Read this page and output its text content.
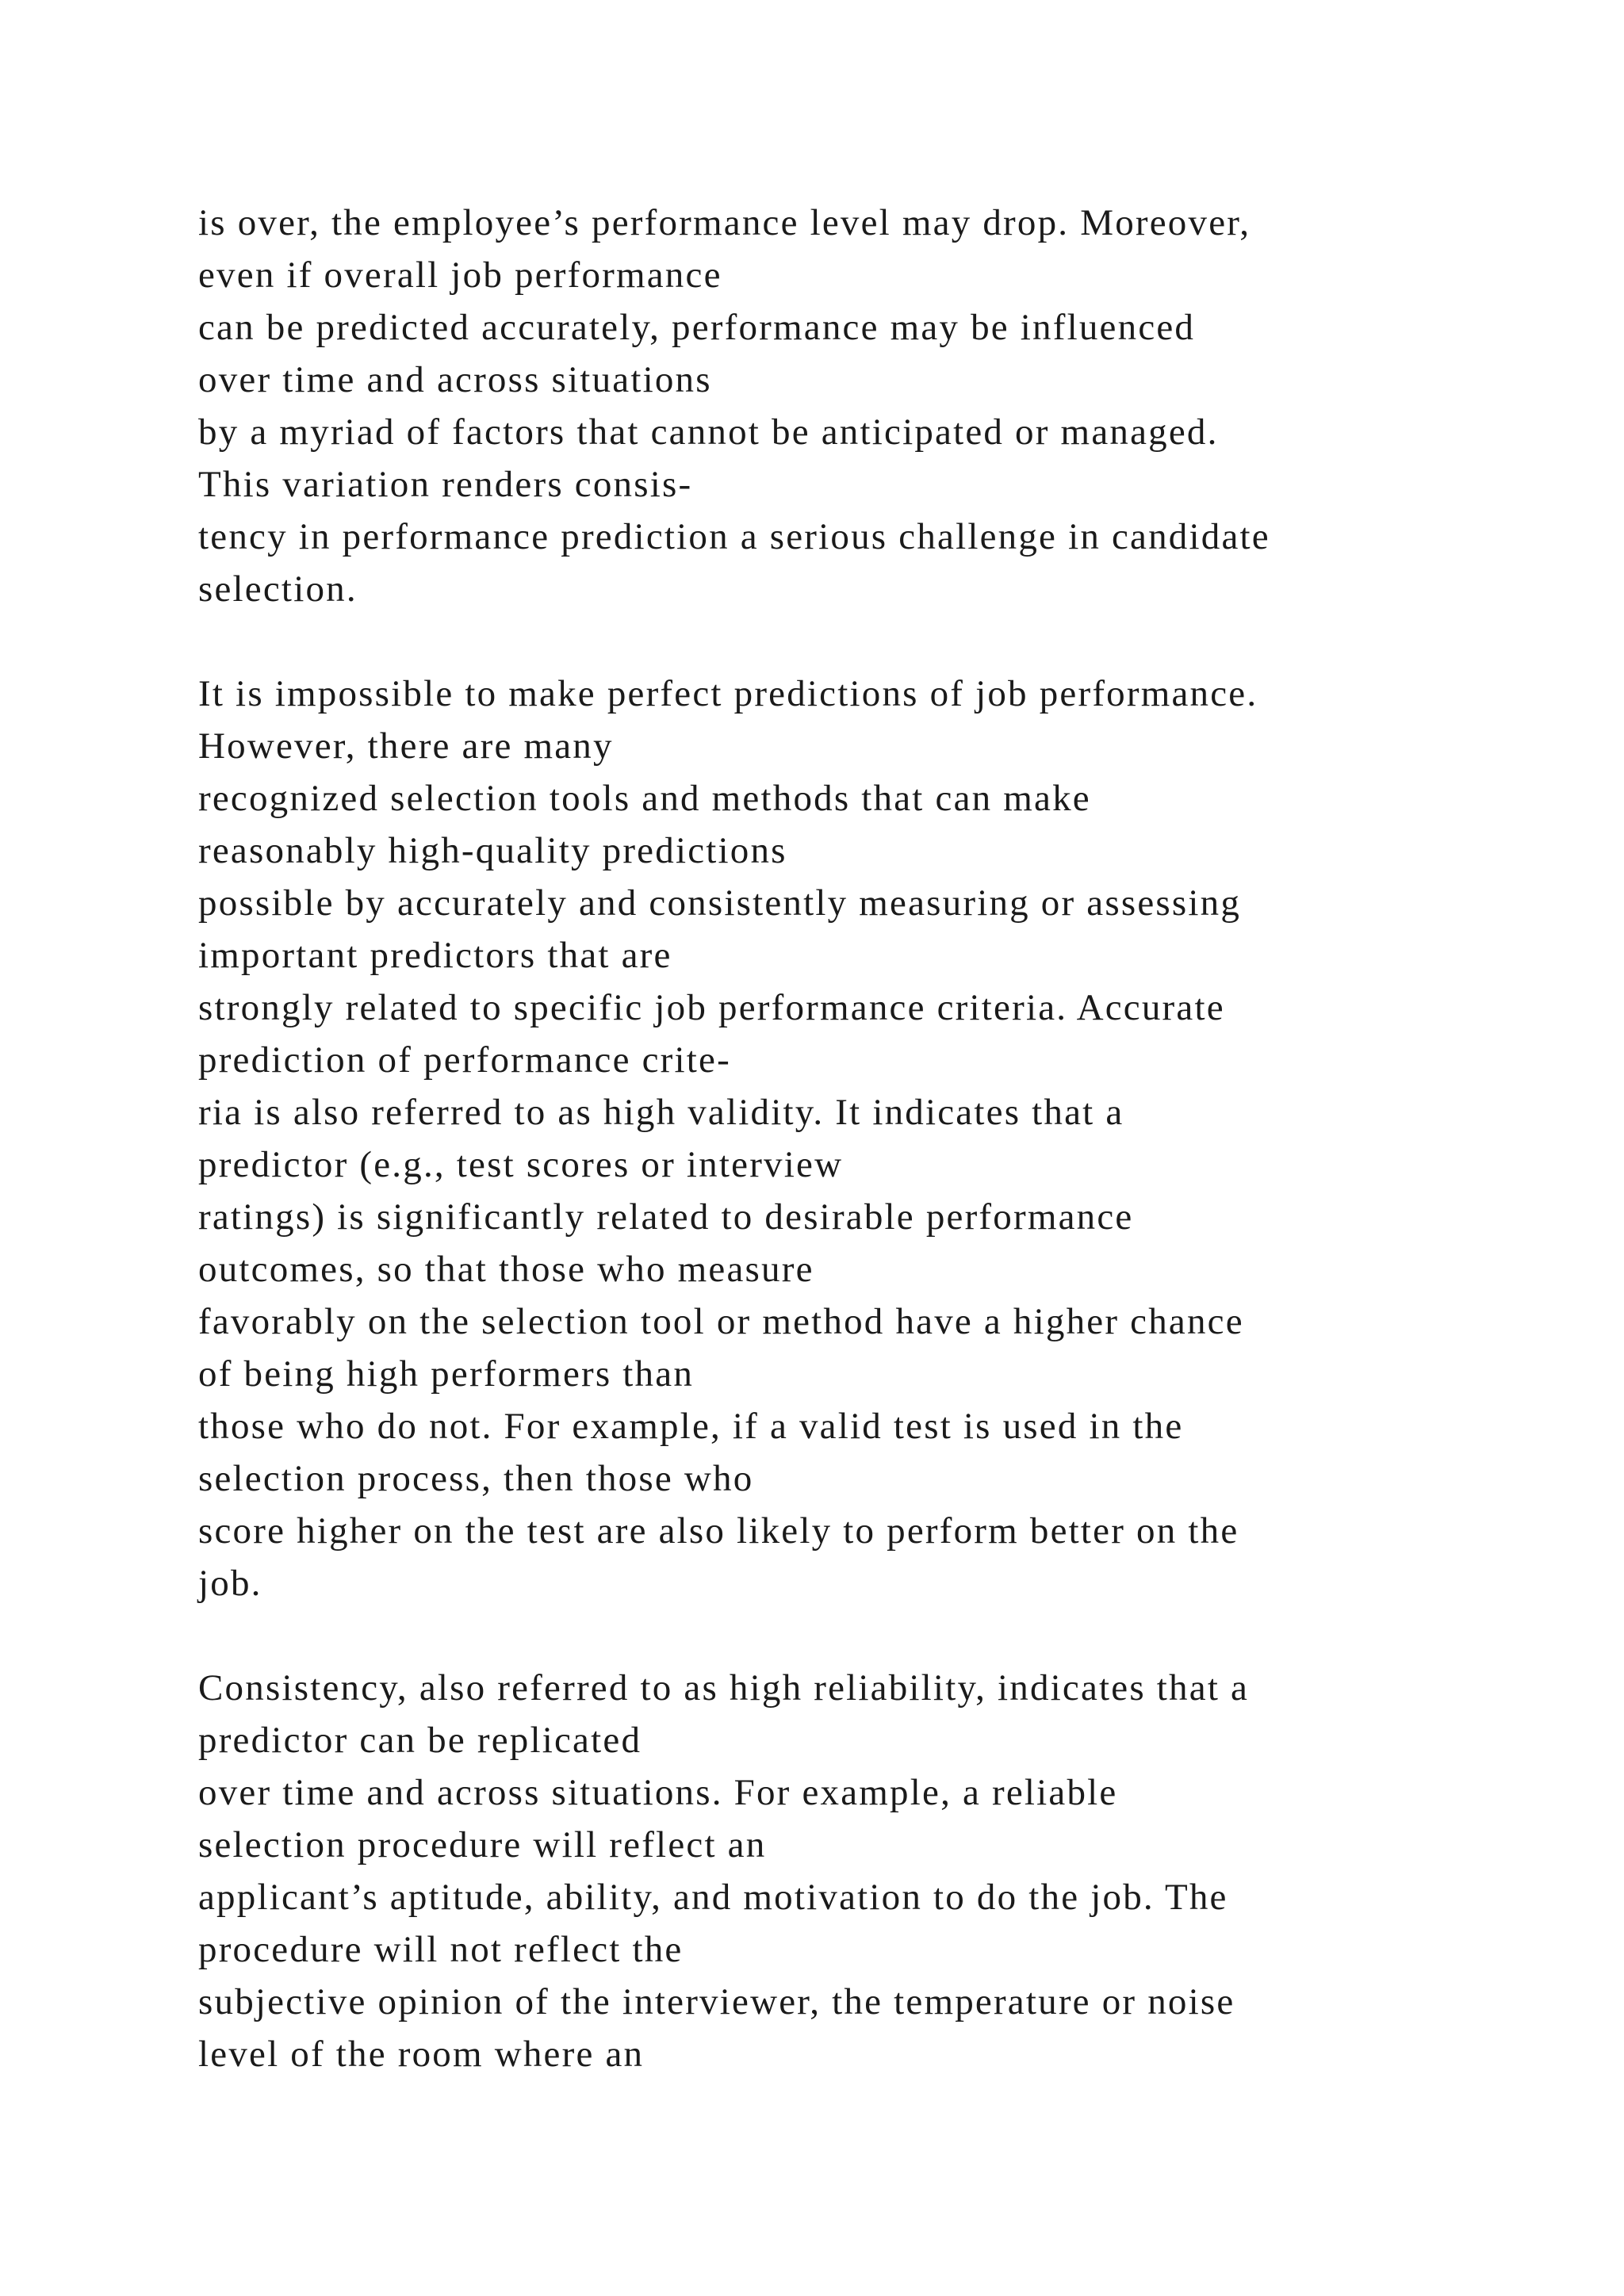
is over, the employee’s performance level may drop. Moreover,
even if overall job performance
can be predicted accurately, performance may be influenced
over time and across situations
by a myriad of factors that cannot be anticipated or managed.
This variation renders consis-
tency in performance prediction a serious challenge in candidate
selection.

It is impossible to make perfect predictions of job performance.
However, there are many
recognized selection tools and methods that can make
reasonably high-quality predictions
possible by accurately and consistently measuring or assessing
important predictors that are
strongly related to specific job performance criteria. Accurate
prediction of performance crite-
ria is also referred to as high validity. It indicates that a
predictor (e.g., test scores or interview
ratings) is significantly related to desirable performance
outcomes, so that those who measure
favorably on the selection tool or method have a higher chance
of being high performers than
those who do not. For example, if a valid test is used in the
selection process, then those who
score higher on the test are also likely to perform better on the
job.

Consistency, also referred to as high reliability, indicates that a
predictor can be replicated
over time and across situations. For example, a reliable
selection procedure will reflect an
applicant’s aptitude, ability, and motivation to do the job. The
procedure will not reflect the
subjective opinion of the interviewer, the temperature or noise
level of the room where an
